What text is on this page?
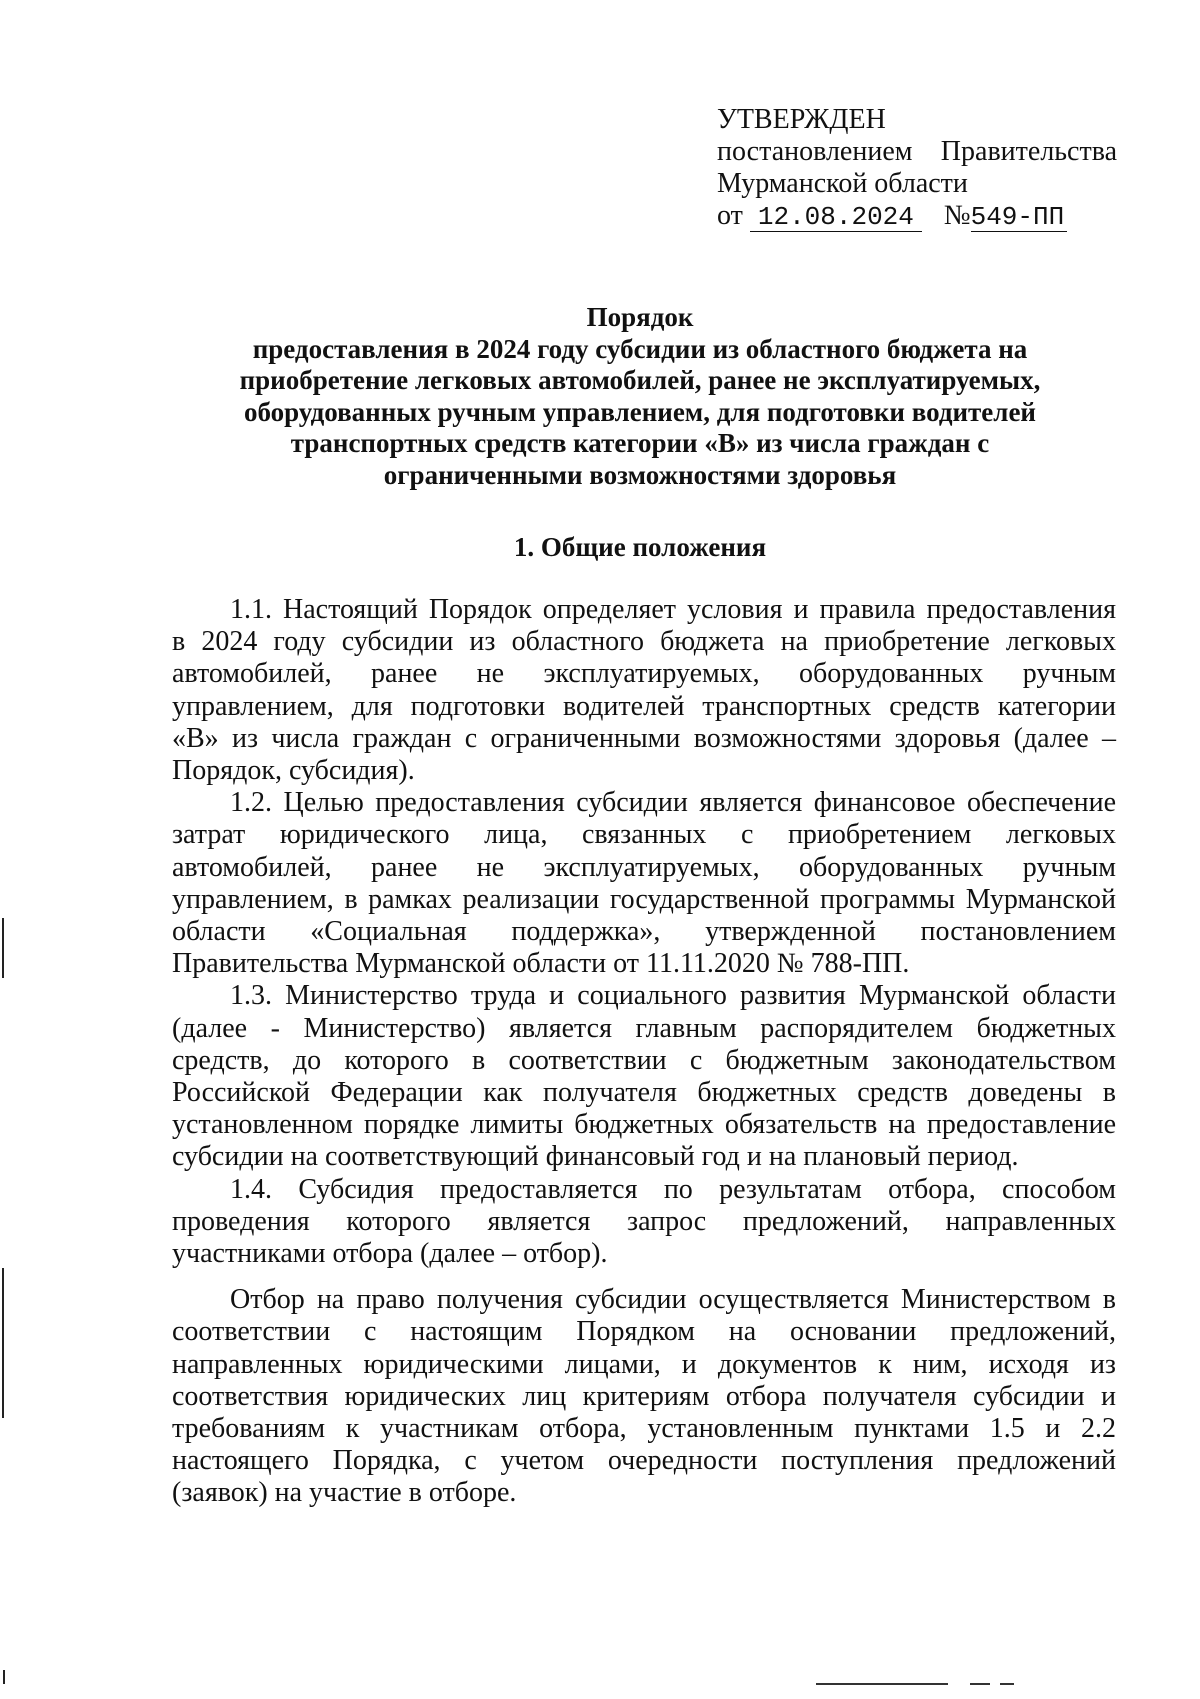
УТВЕРЖДЕН
постановлением Правительства
Мурманской области
от 12.08.2024 №549-ПП
Порядок
предоставления в 2024 году субсидии из областного бюджета на
приобретение легковых автомобилей, ранее не эксплуатируемых,
оборудованных ручным управлением, для подготовки водителей
транспортных средств категории «В» из числа граждан с
ограниченными возможностями здоровья
1. Общие положения

1.1. Настоящий Порядок определяет условия и правила предоставления
в 2024 году субсидии из областного бюджета на приобретение легковых
автомобилей, ранее не эксплуатируемых, оборудованных ручным
управлением, для подготовки водителей транспортных средств категории
«В» из числа граждан с ограниченными возможностями здоровья (далее –
Порядок, субсидия).

1.2. Целью предоставления субсидии является финансовое обеспечение
затрат юридического лица, связанных с приобретением легковых
автомобилей, ранее не эксплуатируемых, оборудованных ручным
управлением, в рамках реализации государственной программы Мурманской
области «Социальная поддержка», утвержденной постановлением
Правительства Мурманской области от 11.11.2020 № 788-ПП.

1.3. Министерство труда и социального развития Мурманской области
(далее - Министерство) является главным распорядителем бюджетных
средств, до которого в соответствии с бюджетным законодательством
Российской Федерации как получателя бюджетных средств доведены в
установленном порядке лимиты бюджетных обязательств на предоставление
субсидии на соответствующий финансовый год и на плановый период.

1.4. Субсидия предоставляется по результатам отбора, способом
проведения которого является запрос предложений, направленных
участниками отбора (далее – отбор).

Отбор на право получения субсидии осуществляется Министерством в
соответствии с настоящим Порядком на основании предложений,
направленных юридическими лицами, и документов к ним, исходя из
соответствия юридических лиц критериям отбора получателя субсидии и
требованиям к участникам отбора, установленным пунктами 1.5 и 2.2
настоящего Порядка, с учетом очередности поступления предложений
(заявок) на участие в отборе.
